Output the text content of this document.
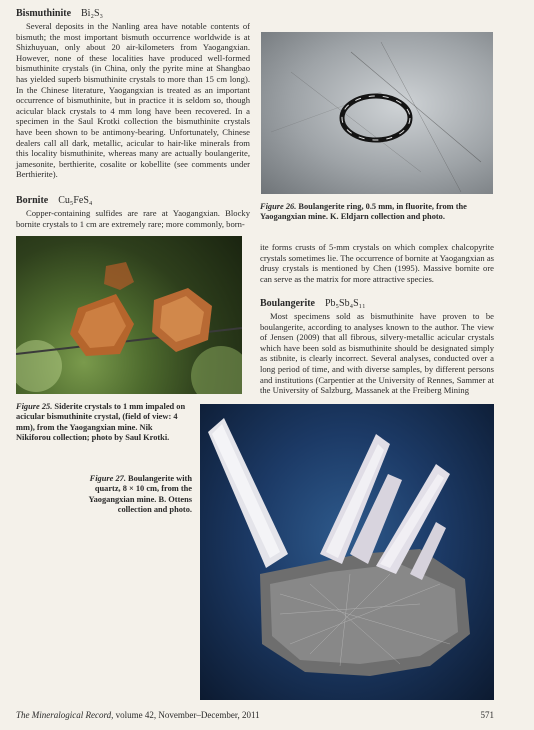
Bismuthinite Bi₂S₃

Several deposits in the Nanling area have notable contents of bismuth; the most important bismuth occurrence worldwide is at Shizhuyuan, only about 20 air-kilometers from Yaogangxian. However, none of these localities have produced well-formed bismuthinite crystals (in China, only the pyrite mine at Shangbao has yielded superb bismuthinite crystals to more than 15 cm long). In the Chinese literature, Yaogangxian is treated as an important occurrence of bismuthinite, but in practice it is seldom so, though acicular black crystals to 4 mm long have been recovered. In a specimen in the Saul Krotki collection the bismuthinite crystals have been shown to be antimony-bearing. Unfortunately, Chinese dealers call all dark, metallic, acicular to hair-like minerals from this locality bismuthinite, whereas many are actually boulangerite, jamesonite, berthierite, cosalite or kobellite (see comments under Berthierite).

Bornite Cu₅FeS₄

Copper-containing sulfides are rare at Yaogangxian. Blocky bornite crystals to 1 cm are extremely rare; more commonly, born-

Figure 26. Boulangerite ring, 0.5 mm, in fluorite, from the Yaogangxian mine. K. Eldjarn collection and photo.
Figure 25. Siderite crystals to 1 mm impaled on acicular bismuthinite crystal, (field of view: 4 mm), from the Yaogangxian mine. Nik Nikiforou collection; photo by Saul Krotki.

ite forms crusts of 5-mm crystals on which complex chalcopyrite crystals sometimes lie. The occurrence of bornite at Yaogangxian as drusy crystals is mentioned by Chen (1995). Massive bornite ore can serve as the matrix for more attractive species.

Boulangerite Pb₅Sb₄S₁₁

Most specimens sold as bismuthinite have proven to be boulangerite, according to analyses known to the author. The view of Jensen (2009) that all fibrous, silvery-metallic acicular crystals which have been sold as bismuthinite should be designated simply as stibnite, is clearly incorrect. Several analyses, conducted over a long period of time, and with diverse samples, by different persons and institutions (Carpentier at the University of Rennes, Sammer at the University of Salzburg, Massanek at the Freiberg Mining

Figure 27. Boulangerite with quartz, 8 × 10 cm, from the Yaogangxian mine. B. Ottens collection and photo.
The Mineralogical Record, volume 42, November–December, 2011	571
